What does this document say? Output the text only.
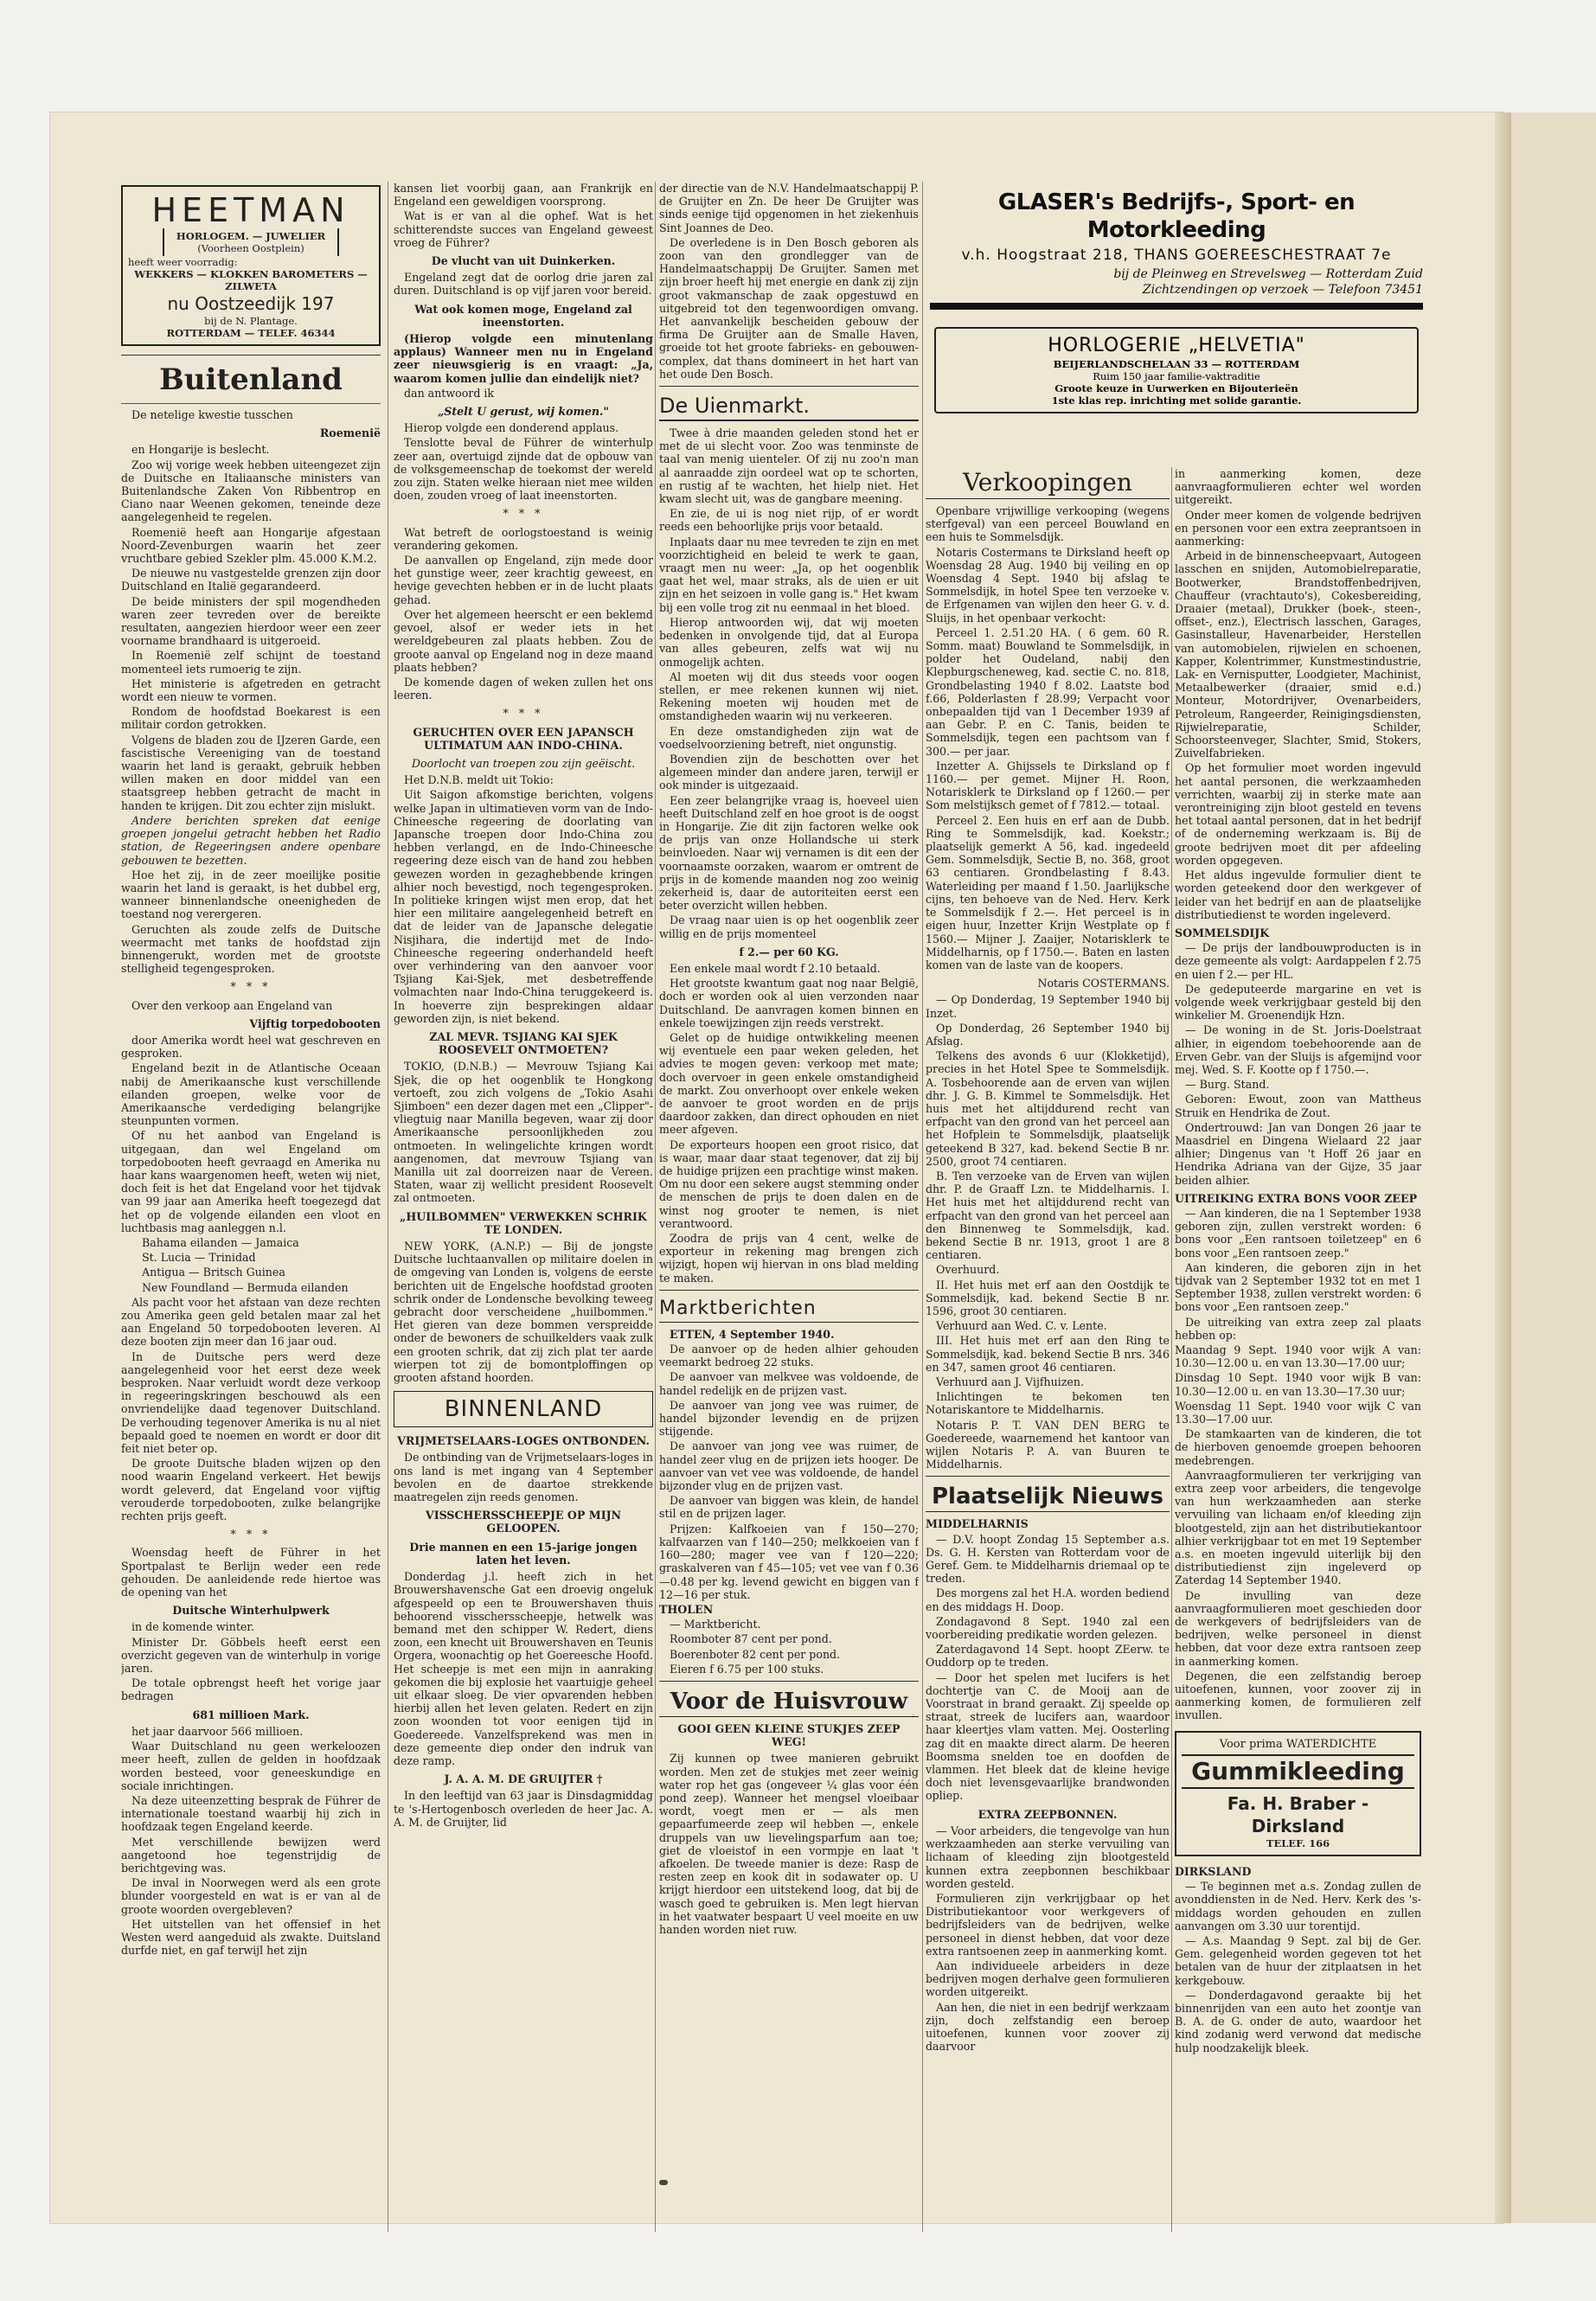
HEETMAN
HORLOGEM. — JUWELIER
(Voorheen Oostplein)
heeft weer voorradig:
WEKKERS — KLOKKEN BAROMETERS — ZILWETA
nu Oostzeedijk 197
bij de N. Plantage.
ROTTERDAM — TELEF. 46344
Buitenland

De netelige kwestie tusschen

Roemenië

en Hongarije is beslecht.

Zoo wij vorige week hebben uiteengezet zijn de Duitsche en Italiaansche ministers van Buitenlandsche Zaken Von Ribbentrop en Ciano naar Weenen gekomen, teneinde deze aangelegenheid te regelen.

Roemenië heeft aan Hongarije afgestaan Noord-Zevenburgen waarin het zeer vruchtbare gebied Szekler plm. 45.000 K.M.2.

De nieuwe nu vastgestelde grenzen zijn door Duitschland en Italië gegarandeerd.

De beide ministers der spil mogendheden waren zeer tevreden over de bereikte resultaten, aangezien hierdoor weer een zeer voorname brandhaard is uitgeroeid.

In Roemenië zelf schijnt de toestand momenteel iets rumoerig te zijn.

Het ministerie is afgetreden en getracht wordt een nieuw te vormen.

Rondom de hoofdstad Boekarest is een militair cordon getrokken.

Volgens de bladen zou de IJzeren Garde, een fascistische Vereeniging van de toestand waarin het land is geraakt, gebruik hebben willen maken en door middel van een staatsgreep hebben getracht de macht in handen te krijgen. Dit zou echter zijn mislukt.

Andere berichten spreken dat eenige groepen jongelui getracht hebben het Radio station, de Regeeringsen andere openbare gebouwen te bezetten.

Hoe het zij, in de zeer moeilijke positie waarin het land is geraakt, is het dubbel erg, wanneer binnenlandsche oneenigheden de toestand nog verergeren.

Geruchten als zoude zelfs de Duitsche weermacht met tanks de hoofdstad zijn binnengerukt, worden met de grootste stelligheid tegengesproken.

* * *

Over den verkoop aan Engeland van

Vijftig torpedobooten

door Amerika wordt heel wat geschreven en gesproken.

Engeland bezit in de Atlantische Oceaan nabij de Amerikaansche kust verschillende eilanden groepen, welke voor de Amerikaansche verdediging belangrijke steunpunten vormen.

Of nu het aanbod van Engeland is uitgegaan, dan wel Engeland om torpedobooten heeft gevraagd en Amerika nu haar kans waargenomen heeft, weten wij niet, doch feit is het dat Engeland voor het tijdvak van 99 jaar aan Amerika heeft toegezegd dat het op de volgende eilanden een vloot en luchtbasis mag aanleggen n.l.

Bahama eilanden — Jamaica

St. Lucia — Trinidad

Antigua — Britsch Guinea

New Foundland — Bermuda eilanden

Als pacht voor het afstaan van deze rechten zou Amerika geen geld betalen maar zal het aan Engeland 50 torpedobooten leveren. Al deze booten zijn meer dan 16 jaar oud.

In de Duitsche pers werd deze aangelegenheid voor het eerst deze week besproken. Naar verluidt wordt deze verkoop in regeeringskringen beschouwd als een onvriendelijke daad tegenover Duitschland. De verhouding tegenover Amerika is nu al niet bepaald goed te noemen en wordt er door dit feit niet beter op.

De groote Duitsche bladen wijzen op den nood waarin Engeland verkeert. Het bewijs wordt geleverd, dat Engeland voor vijftig verouderde torpedobooten, zulke belangrijke rechten prijs geeft.

* * *

Woensdag heeft de Führer in het Sportpalast te Berlijn weder een rede gehouden. De aanleidende rede hiertoe was de opening van het

Duitsche Winterhulpwerk

in de komende winter.

Minister Dr. Göbbels heeft eerst een overzicht gegeven van de winterhulp in vorige jaren.

De totale opbrengst heeft het vorige jaar bedragen

681 millioen Mark.

het jaar daarvoor 566 millioen.

Waar Duitschland nu geen werkeloozen meer heeft, zullen de gelden in hoofdzaak worden besteed, voor geneeskundige en sociale inrichtingen.

Na deze uiteenzetting besprak de Führer de internationale toestand waarbij hij zich in hoofdzaak tegen Engeland keerde.

Met verschillende bewijzen werd aangetoond hoe tegenstrijdig de berichtgeving was.

De inval in Noorwegen werd als een grote blunder voorgesteld en wat is er van al de groote woorden overgebleven?

Het uitstellen van het offensief in het Westen werd aangeduid als zwakte. Duitsland durfde niet, en gaf terwijl het zijn

kansen liet voorbij gaan, aan Frankrijk en Engeland een geweldigen voorsprong.

Wat is er van al die ophef. Wat is het schitterendste succes van Engeland geweest vroeg de Führer?

De vlucht van uit Duinkerken.

Engeland zegt dat de oorlog drie jaren zal duren. Duitschland is op vijf jaren voor bereid.

Wat ook komen moge, Engeland zal ineenstorten.

(Hierop volgde een minutenlang applaus) Wanneer men nu in Engeland zeer nieuwsgierig is en vraagt: „Ja, waarom komen jullie dan eindelijk niet?

dan antwoord ik

„Stelt U gerust, wij komen."

Hierop volgde een donderend applaus.

Tenslotte beval de Führer de winterhulp zeer aan, overtuigd zijnde dat de opbouw van de volksgemeenschap de toekomst der wereld zou zijn. Staten welke hieraan niet mee wilden doen, zouden vroeg of laat ineenstorten.

* * *

Wat betreft de oorlogstoestand is weinig verandering gekomen.

De aanvallen op Engeland, zijn mede door het gunstige weer, zeer krachtig geweest, en hevige gevechten hebben er in de lucht plaats gehad.

Over het algemeen heerscht er een beklemd gevoel, alsof er weder iets in het wereldgebeuren zal plaats hebben. Zou de groote aanval op Engeland nog in deze maand plaats hebben?

De komende dagen of weken zullen het ons leeren.

* * *

GERUCHTEN OVER EEN JAPANSCH ULTIMATUM AAN INDO-CHINA.

Doorlocht van troepen zou zijn geëischt.

Het D.N.B. meldt uit Tokio:

Uit Saigon afkomstige berichten, volgens welke Japan in ultimatieven vorm van de Indo-Chineesche regeering de doorlating van Japansche troepen door Indo-China zou hebben verlangd, en de Indo-Chineesche regeering deze eisch van de hand zou hebben gewezen worden in gezaghebbende kringen alhier noch bevestigd, noch tegengesproken. In politieke kringen wijst men erop, dat het hier een militaire aangelegenheid betreft en dat de leider van de Japansche delegatie Nisjihara, die indertijd met de Indo-Chineesche regeering onderhandeld heeft over verhindering van den aanvoer voor Tsjiang Kai-Sjek, met desbetreffende volmachten naar Indo-China teruggekeerd is. In hoeverre zijn besprekingen aldaar geworden zijn, is niet bekend.

ZAL MEVR. TSJIANG KAI SJEK ROOSEVELT ONTMOETEN?

TOKIO, (D.N.B.) — Mevrouw Tsjiang Kai Sjek, die op het oogenblik te Hongkong vertoeft, zou zich volgens de „Tokio Asahi Sjimboen" een dezer dagen met een „Clipper"-vliegtuig naar Manilla begeven, waar zij door Amerikaansche persoonlijkheden zou ontmoeten. In welingelichte kringen wordt aangenomen, dat mevrouw Tsjiang van Manilla uit zal doorreizen naar de Vereen. Staten, waar zij wellicht president Roosevelt zal ontmoeten.

„HUILBOMMEN" VERWEKKEN SCHRIK TE LONDEN.

NEW YORK, (A.N.P.) — Bij de jongste Duitsche luchtaanvallen op militaire doelen in de omgeving van Londen is, volgens de eerste berichten uit de Engelsche hoofdstad grooten schrik onder de Londensche bevolking teweeg gebracht door verscheidene „huilbommen." Het gieren van deze bommen verspreidde onder de bewoners de schuilkelders vaak zulk een grooten schrik, dat zij zich plat ter aarde wierpen tot zij de bomontploffingen op grooten afstand hoorden.

BINNENLAND

VRIJMETSELAARS-LOGES ONTBONDEN.

De ontbinding van de Vrijmetselaars-loges in ons land is met ingang van 4 September bevolen en de daartoe strekkende maatregelen zijn reeds genomen.

VISSCHERSSCHEEPJE OP MIJN GELOOPEN.

Drie mannen en een 15-jarige jongen laten het leven.

Donderdag j.l. heeft zich in het Brouwershavensche Gat een droevig ongeluk afgespeeld op een te Brouwershaven thuis behoorend visschersscheepje, hetwelk was bemand met den schipper W. Redert, diens zoon, een knecht uit Brouwershaven en Teunis Orgera, woonachtig op het Goereesche Hoofd. Het scheepje is met een mijn in aanraking gekomen die bij explosie het vaartuigje geheel uit elkaar sloeg. De vier opvarenden hebben hierbij allen het leven gelaten. Redert en zijn zoon woonden tot voor eenigen tijd in Goedereede. Vanzelfsprekend was men in deze gemeente diep onder den indruk van deze ramp.

J. A. A. M. DE GRUIJTER †

In den leeftijd van 63 jaar is Dinsdagmiddag te 's-Hertogenbosch overleden de heer Jac. A. A. M. de Gruijter, lid

der directie van de N.V. Handelmaatschappij P. de Gruijter en Zn. De heer De Gruijter was sinds eenige tijd opgenomen in het ziekenhuis Sint Joannes de Deo.

De overledene is in Den Bosch geboren als zoon van den grondlegger van de Handelmaatschappij De Gruijter. Samen met zijn broer heeft hij met energie en dank zij zijn groot vakmanschap de zaak opgestuwd en uitgebreid tot den tegenwoordigen omvang. Het aanvankelijk bescheiden gebouw der firma De Gruijter aan de Smalle Haven, groeide tot het groote fabrieks- en gebouwen-complex, dat thans domineert in het hart van het oude Den Bosch.

De Uienmarkt.

Twee à drie maanden geleden stond het er met de ui slecht voor. Zoo was tenminste de taal van menig uienteler. Of zij nu zoo'n man al aanraadde zijn oordeel wat op te schorten, en rustig af te wachten, het hielp niet. Het kwam slecht uit, was de gangbare meening.

En zie, de ui is nog niet rijp, of er wordt reeds een behoorlijke prijs voor betaald.

Inplaats daar nu mee tevreden te zijn en met voorzichtigheid en beleid te werk te gaan, vraagt men nu weer: „Ja, op het oogenblik gaat het wel, maar straks, als de uien er uit zijn en het seizoen in volle gang is." Het kwam bij een volle trog zit nu eenmaal in het bloed.

Hierop antwoorden wij, dat wij moeten bedenken in onvolgende tijd, dat al Europa van alles gebeuren, zelfs wat wij nu onmogelijk achten.

Al moeten wij dit dus steeds voor oogen stellen, er mee rekenen kunnen wij niet. Rekening moeten wij houden met de omstandigheden waarin wij nu verkeeren.

En deze omstandigheden zijn wat de voedselvoorziening betreft, niet ongunstig.

Bovendien zijn de beschotten over het algemeen minder dan andere jaren, terwijl er ook minder is uitgezaaid.

Een zeer belangrijke vraag is, hoeveel uien heeft Duitschland zelf en hoe groot is de oogst in Hongarije. Zie dit zijn factoren welke ook de prijs van onze Hollandsche ui sterk beinvloeden. Naar wij vernamen is dit een der voornaamste oorzaken, waarom er omtrent de prijs in de komende maanden nog zoo weinig zekerheid is, daar de autoriteiten eerst een beter overzicht willen hebben.

De vraag naar uien is op het oogenblik zeer willig en de prijs momenteel

f 2.— per 60 KG.

Een enkele maal wordt f 2.10 betaald.

Het grootste kwantum gaat nog naar België, doch er worden ook al uien verzonden naar Duitschland. De aanvragen komen binnen en enkele toewijzingen zijn reeds verstrekt.

Gelet op de huidige ontwikkeling meenen wij eventuele een paar weken geleden, het advies te mogen geven: verkoop met mate; doch overvoer in geen enkele omstandigheid de markt. Zou onverhoopt over enkele weken de aanvoer te groot worden en de prijs daardoor zakken, dan direct ophouden en niet meer afgeven.

De exporteurs hoopen een groot risico, dat is waar, maar daar staat tegenover, dat zij bij de huidige prijzen een prachtige winst maken. Om nu door een sekere augst stemming onder de menschen de prijs te doen dalen en de winst nog grooter te nemen, is niet verantwoord.

Zoodra de prijs van 4 cent, welke de exporteur in rekening mag brengen zich wijzigt, hopen wij hiervan in ons blad melding te maken.

Marktberichten

ETTEN, 4 September 1940.

De aanvoer op de heden alhier gehouden veemarkt bedroeg 22 stuks.

De aanvoer van melkvee was voldoende, de handel redelijk en de prijzen vast.

De aanvoer van jong vee was ruimer, de handel bijzonder levendig en de prijzen stijgende.

De aanvoer van jong vee was ruimer, de handel zeer vlug en de prijzen iets hooger. De aanvoer van vet vee was voldoende, de handel bijzonder vlug en de prijzen vast.

De aanvoer van biggen was klein, de handel stil en de prijzen lager.

Prijzen: Kalfkoeien van f 150—270; kalfvaarzen van f 140—250; melkkoeien van f 160—280; mager vee van f 120—220; graskalveren van f 45—105; vet vee van f 0.36 —0.48 per kg. levend gewicht en biggen van f 12—16 per stuk.

THOLEN

— Marktbericht.

Roomboter 87 cent per pond.

Boerenboter 82 cent per pond.

Eieren f 6.75 per 100 stuks.

Voor de Huisvrouw

GOOI GEEN KLEINE STUKJES ZEEP WEG!

Zij kunnen op twee manieren gebruikt worden. Men zet de stukjes met zeer weinig water rop het gas (ongeveer ¼ glas voor één pond zeep). Wanneer het mengsel vloeibaar wordt, voegt men er — als men gepaarfumeerde zeep wil hebben —, enkele druppels van uw lievelingsparfum aan toe; giet de vloeistof in een vormpje en laat 't afkoelen. De tweede manier is deze: Rasp de resten zeep en kook dit in sodawater op. U krijgt hierdoor een uitstekend loog, dat bij de wasch goed te gebruiken is. Men legt hiervan in het vaatwater bespaart U veel moeite en uw handen worden niet ruw.

GLASER's Bedrijfs-, Sport- en Motorkleeding
v.h. Hoogstraat 218, THANS GOEREESCHESTRAAT 7e
bij de Pleinweg en Strevelsweg — Rotterdam Zuid
Zichtzendingen op verzoek — Telefoon 73451
HORLOGERIE „HELVETIA"
BEIJERLANDSCHELAAN 33 — ROTTERDAM
Ruim 150 jaar familie-vaktraditie
Groote keuze in Uurwerken en Bijouterieën
1ste klas rep. inrichting met solide garantie.
Verkoopingen

Openbare vrijwillige verkooping (wegens sterfgeval) van een perceel Bouwland en een huis te Sommelsdijk.

Notaris Costermans te Dirksland heeft op Woensdag 28 Aug. 1940 bij veiling en op Woensdag 4 Sept. 1940 bij afslag te Sommelsdijk, in hotel Spee ten verzoeke v. de Erfgenamen van wijlen den heer G. v. d. Sluijs, in het openbaar verkocht:

Perceel 1. 2.51.20 HA. ( 6 gem. 60 R. Somm. maat) Bouwland te Sommelsdijk, in polder het Oudeland, nabij den Klepburgscheneweg, kad. sectie C. no. 818, Grondbelasting 1940 f 8.02. Laatste bod f.66, Polderlasten f 28.99; Verpacht voor onbepaalden tijd van 1 December 1939 af aan Gebr. P. en C. Tanis, beiden te Sommelsdijk, tegen een pachtsom van f 300.— per jaar.

Inzetter A. Ghijssels te Dirksland op f 1160.— per gemet. Mijner H. Roon, Notarisklerk te Dirksland op f 1260.— per Som melstijksch gemet of f 7812.— totaal.

Perceel 2. Een huis en erf aan de Dubb. Ring te Sommelsdijk, kad. Koekstr.; plaatselijk gemerkt A 56, kad. ingedeeld Gem. Sommelsdijk, Sectie B, no. 368, groot 63 centiaren. Grondbelasting f 8.43. Waterleiding per maand f 1.50. Jaarlijksche cijns, ten behoeve van de Ned. Herv. Kerk te Sommelsdijk f 2.—. Het perceel is in eigen huur, Inzetter Krijn Westplate op f 1560.— Mijner J. Zaaijer, Notarisklerk te Middelharnis, op f 1750.—. Baten en lasten komen van de laste van de koopers.

Notaris COSTERMANS.

— Op Donderdag, 19 September 1940 bij Inzet.

Op Donderdag, 26 September 1940 bij Afslag.

Telkens des avonds 6 uur (Klokketijd), precies in het Hotel Spee te Sommelsdijk. A. Tosbehoorende aan de erven van wijlen dhr. J. G. B. Kimmel te Sommelsdijk. Het huis met het altijddurend recht van erfpacht van den grond van het perceel aan het Hofplein te Sommelsdijk, plaatselijk geteekend B 327, kad. bekend Sectie B nr. 2500, groot 74 centiaren.

B. Ten verzoeke van de Erven van wijlen dhr. P. de Graaff Lzn. te Middelharnis. I. Het huis met het altijddurend recht van erfpacht van den grond van het perceel aan den Binnenweg te Sommelsdijk, kad. bekend Sectie B nr. 1913, groot 1 are 8 centiaren.

Overhuurd.

II. Het huis met erf aan den Oostdijk te Sommelsdijk, kad. bekend Sectie B nr. 1596, groot 30 centiaren.

Verhuurd aan Wed. C. v. Lente.

III. Het huis met erf aan den Ring te Sommelsdijk, kad. bekend Sectie B nrs. 346 en 347, samen groot 46 centiaren.

Verhuurd aan J. Vijfhuizen.

Inlichtingen te bekomen ten Notariskantore te Middelharnis.

Notaris P. T. VAN DEN BERG te Goedereede, waarnemend het kantoor van wijlen Notaris P. A. van Buuren te Middelharnis.

Plaatselijk Nieuws

MIDDELHARNIS

— D.V. hoopt Zondag 15 September a.s. Ds. G. H. Kersten van Rotterdam voor de Geref. Gem. te Middelharnis driemaal op te treden.

Des morgens zal het H.A. worden bediend en des middags H. Doop.

Zondagavond 8 Sept. 1940 zal een voorbereiding predikatie worden gelezen.

Zaterdagavond 14 Sept. hoopt ZEerw. te Ouddorp op te treden.

— Door het spelen met lucifers is het dochtertje van C. de Mooij aan de Voorstraat in brand geraakt. Zij speelde op straat, streek de lucifers aan, waardoor haar kleertjes vlam vatten. Mej. Oosterling zag dit en maakte direct alarm. De heeren Boomsma snelden toe en doofden de vlammen. Het bleek dat de kleine hevige doch niet levensgevaarlijke brandwonden opliep.

EXTRA ZEEPBONNEN.

— Voor arbeiders, die tengevolge van hun werkzaamheden aan sterke vervuiling van lichaam of kleeding zijn blootgesteld kunnen extra zeepbonnen beschikbaar worden gesteld.

Formulieren zijn verkrijgbaar op het Distributiekantoor voor werkgevers of bedrijfsleiders van de bedrijven, welke personeel in dienst hebben, dat voor deze extra rantsoenen zeep in aanmerking komt.

Aan individueele arbeiders in deze bedrijven mogen derhalve geen formulieren worden uitgereikt.

Aan hen, die niet in een bedrijf werkzaam zijn, doch zelfstandig een beroep uitoefenen, kunnen voor zoover zij daarvoor

in aanmerking komen, deze aanvraagformulieren echter wel worden uitgereikt.

Onder meer komen de volgende bedrijven en personen voor een extra zeeprantsoen in aanmerking:

Arbeid in de binnenscheepvaart, Autogeen lasschen en snijden, Automobielreparatie, Bootwerker, Brandstoffenbedrijven, Chauffeur (vrachtauto's), Cokesbereiding, Draaier (metaal), Drukker (boek-, steen-, offset-, enz.), Electrisch lasschen, Garages, Gasinstalleur, Havenarbeider, Herstellen van automobielen, rijwielen en schoenen, Kapper, Kolentrimmer, Kunstmestindustrie, Lak- en Vernisputter, Loodgieter, Machinist, Metaalbewerker (draaier, smid e.d.) Monteur, Motordrijver, Ovenarbeiders, Petroleum, Rangeerder, Reinigingsdiensten, Rijwielreparatie, Schilder, Schoorsteenveger, Slachter, Smid, Stokers, Zuivelfabrieken.

Op het formulier moet worden ingevuld het aantal personen, die werkzaamheden verrichten, waarbij zij in sterke mate aan verontreiniging zijn bloot gesteld en tevens het totaal aantal personen, dat in het bedrijf of de onderneming werkzaam is. Bij de groote bedrijven moet dit per afdeeling worden opgegeven.

Het aldus ingevulde formulier dient te worden geteekend door den werkgever of leider van het bedrijf en aan de plaatselijke distributiedienst te worden ingeleverd.

SOMMELSDIJK

— De prijs der landbouwproducten is in deze gemeente als volgt: Aardappelen f 2.75 en uien f 2.— per HL.

De gedeputeerde margarine en vet is volgende week verkrijgbaar gesteld bij den winkelier M. Groenendijk Hzn.

— De woning in de St. Joris-Doelstraat alhier, in eigendom toebehoorende aan de Erven Gebr. van der Sluijs is afgemijnd voor mej. Wed. S. F. Kootte op f 1750.—.

— Burg. Stand.

Geboren: Ewout, zoon van Mattheus Struik en Hendrika de Zout.

Ondertrouwd: Jan van Dongen 26 jaar te Maasdriel en Dingena Wielaard 22 jaar alhier; Dingenus van 't Hoff 26 jaar en Hendrika Adriana van der Gijze, 35 jaar beiden alhier.

UITREIKING EXTRA BONS VOOR ZEEP

— Aan kinderen, die na 1 September 1938 geboren zijn, zullen verstrekt worden: 6 bons voor „Een rantsoen toiletzeep" en 6 bons voor „Een rantsoen zeep."

Aan kinderen, die geboren zijn in het tijdvak van 2 September 1932 tot en met 1 September 1938, zullen verstrekt worden: 6 bons voor „Een rantsoen zeep."

De uitreiking van extra zeep zal plaats hebben op:

Maandag 9 Sept. 1940 voor wijk A van: 10.30—12.00 u. en van 13.30—17.00 uur;

Dinsdag 10 Sept. 1940 voor wijk B van: 10.30—12.00 u. en van 13.30—17.30 uur;

Woensdag 11 Sept. 1940 voor wijk C van 13.30—17.00 uur.

De stamkaarten van de kinderen, die tot de hierboven genoemde groepen behooren medebrengen.

Aanvraagformulieren ter verkrijging van extra zeep voor arbeiders, die tengevolge van hun werkzaamheden aan sterke vervuiling van lichaam en/of kleeding zijn blootgesteld, zijn aan het distributiekantoor alhier verkrijgbaar tot en met 19 September a.s. en moeten ingevuld uiterlijk bij den distributiedienst zijn ingeleverd op Zaterdag 14 September 1940.

De invulling van deze aanvraagformulieren moet geschieden door de werkgevers of bedrijfsleiders van de bedrijven, welke personeel in dienst hebben, dat voor deze extra rantsoen zeep in aanmerking komen.

Degenen, die een zelfstandig beroep uitoefenen, kunnen, voor zoover zij in aanmerking komen, de formulieren zelf invullen.

Voor prima WATERDICHTE
Gummikleeding
Fa. H. Braber - Dirksland
TELEF. 166

DIRKSLAND

— Te beginnen met a.s. Zondag zullen de avonddiensten in de Ned. Herv. Kerk des 's-middags worden gehouden en zullen aanvangen om 3.30 uur torentijd.

— A.s. Maandag 9 Sept. zal bij de Ger. Gem. gelegenheid worden gegeven tot het betalen van de huur der zitplaatsen in het kerkgebouw.

— Donderdagavond geraakte bij het binnenrijden van een auto het zoontje van B. A. de G. onder de auto, waardoor het kind zodanig werd verwond dat medische hulp noodzakelijk bleek.
